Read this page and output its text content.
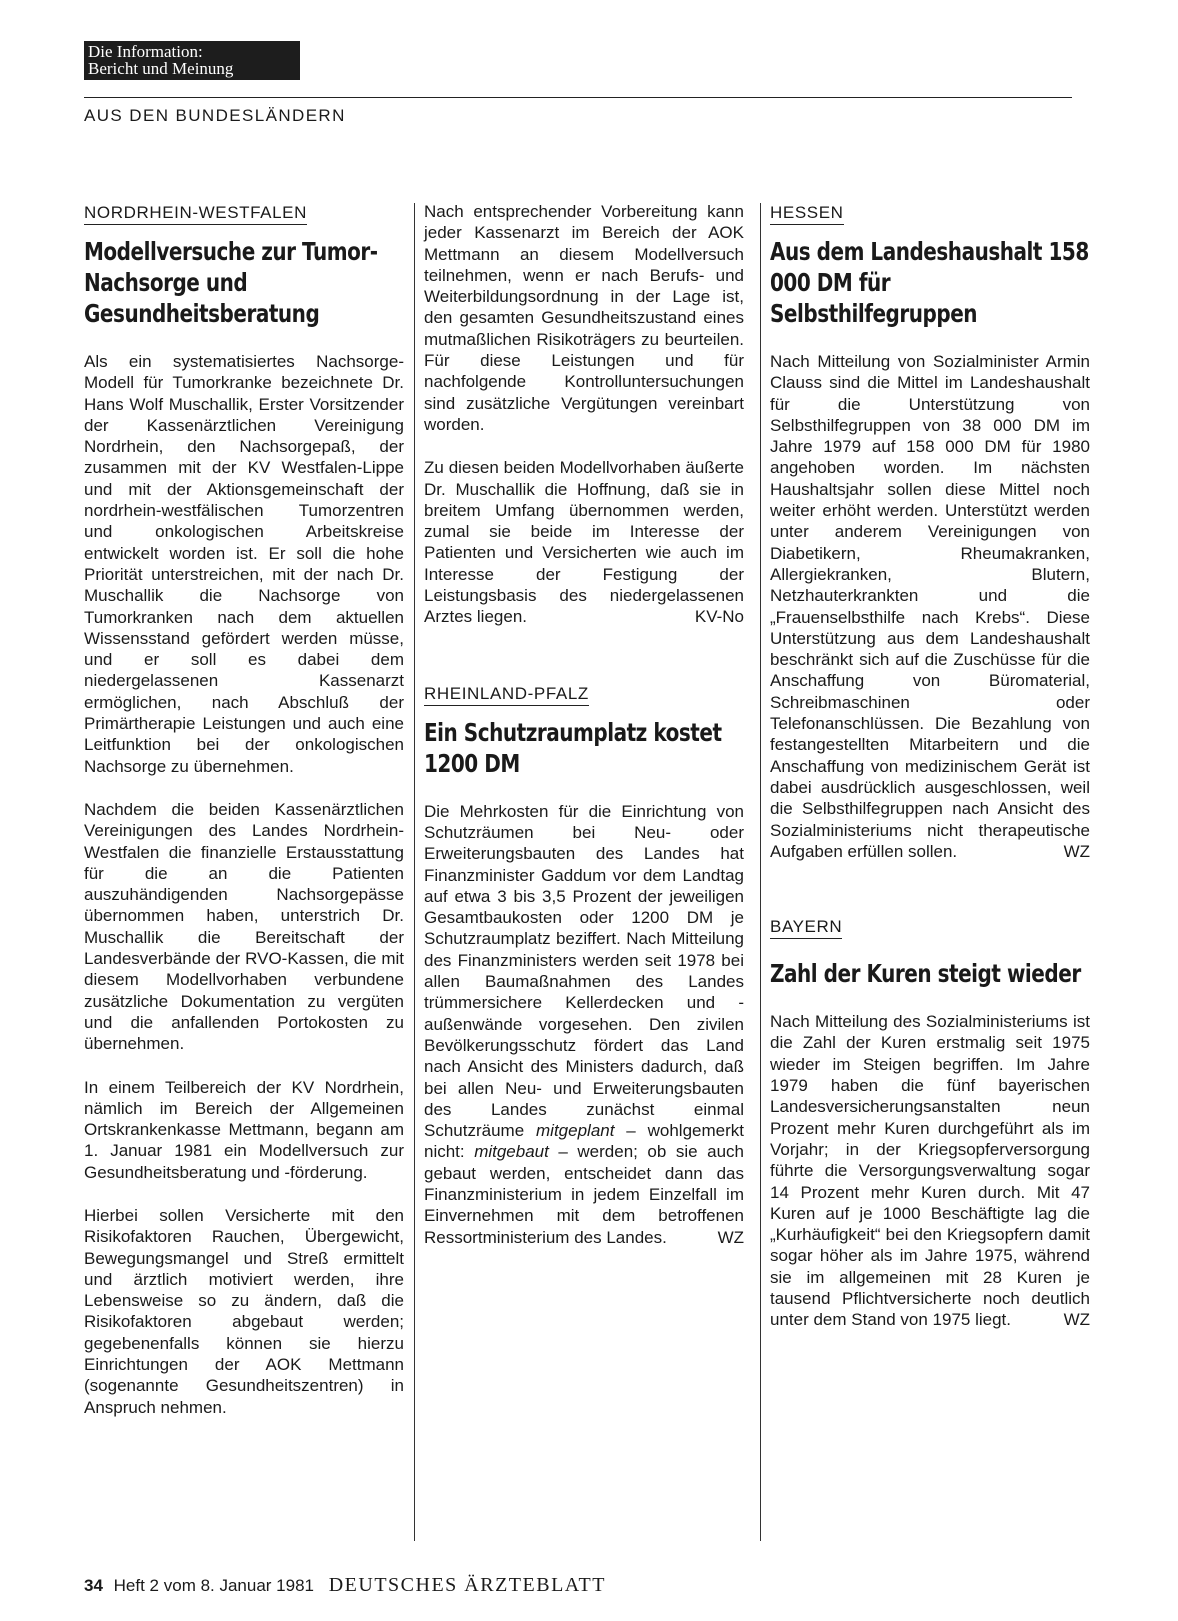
Die Information:
Bericht und Meinung
AUS DEN BUNDESLÄNDERN
NORDRHEIN-WESTFALEN
Modellversuche zur Tumor-Nachsorge und Gesundheitsberatung

Als ein systematisiertes Nachsorge-Modell für Tumorkranke bezeichnete Dr. Hans Wolf Muschallik, Erster Vorsitzender der Kassenärztlichen Vereinigung Nordrhein, den Nachsorgepaß, der zusammen mit der KV Westfalen-Lippe und mit der Aktionsgemeinschaft der nordrhein-westfälischen Tumorzentren und onkologischen Arbeitskreise entwickelt worden ist. Er soll die hohe Priorität unterstreichen, mit der nach Dr. Muschallik die Nachsorge von Tumorkranken nach dem aktuellen Wissensstand gefördert werden müsse, und er soll es dabei dem niedergelassenen Kassenarzt ermöglichen, nach Abschluß der Primärtherapie Leistungen und auch eine Leitfunktion bei der onkologischen Nachsorge zu übernehmen.

Nachdem die beiden Kassenärztlichen Vereinigungen des Landes Nordrhein-Westfalen die finanzielle Erstausstattung für die an die Patienten auszuhändigenden Nachsorgepässe übernommen haben, unterstrich Dr. Muschallik die Bereitschaft der Landesverbände der RVO-Kassen, die mit diesem Modellvorhaben verbundene zusätzliche Dokumentation zu vergüten und die anfallenden Portokosten zu übernehmen.

In einem Teilbereich der KV Nordrhein, nämlich im Bereich der Allgemeinen Ortskrankenkasse Mettmann, begann am 1. Januar 1981 ein Modellversuch zur Gesundheitsberatung und -förderung.

Hierbei sollen Versicherte mit den Risikofaktoren Rauchen, Übergewicht, Bewegungsmangel und Streß ermittelt und ärztlich motiviert werden, ihre Lebensweise so zu ändern, daß die Risikofaktoren abgebaut werden; gegebenenfalls können sie hierzu Einrichtungen der AOK Mettmann (sogenannte Gesundheitszentren) in Anspruch nehmen.

Nach entsprechender Vorbereitung kann jeder Kassenarzt im Bereich der AOK Mettmann an diesem Modellversuch teilnehmen, wenn er nach Berufs- und Weiterbildungsordnung in der Lage ist, den gesamten Gesundheitszustand eines mutmaßlichen Risikoträgers zu beurteilen. Für diese Leistungen und für nachfolgende Kontrolluntersuchungen sind zusätzliche Vergütungen vereinbart worden.

Zu diesen beiden Modellvorhaben äußerte Dr. Muschallik die Hoffnung, daß sie in breitem Umfang übernommen werden, zumal sie beide im Interesse der Patienten und Versicherten wie auch im Interesse der Festigung der Leistungsbasis des niedergelassenen Arztes liegen.	KV-No

RHEINLAND-PFALZ
Ein Schutzraumplatz kostet 1200 DM

Die Mehrkosten für die Einrichtung von Schutzräumen bei Neu- oder Erweiterungsbauten des Landes hat Finanzminister Gaddum vor dem Landtag auf etwa 3 bis 3,5 Prozent der jeweiligen Gesamtbaukosten oder 1200 DM je Schutzraumplatz beziffert. Nach Mitteilung des Finanzministers werden seit 1978 bei allen Baumaßnahmen des Landes trümmersichere Kellerdecken und -außenwände vorgesehen. Den zivilen Bevölkerungsschutz fördert das Land nach Ansicht des Ministers dadurch, daß bei allen Neu- und Erweiterungsbauten des Landes zunächst einmal Schutzräume mitgeplant – wohlgemerkt nicht: mitgebaut – werden; ob sie auch gebaut werden, entscheidet dann das Finanzministerium in jedem Einzelfall im Einvernehmen mit dem betroffenen Ressortministerium des Landes.	WZ

HESSEN
Aus dem Landeshaushalt 158 000 DM für Selbsthilfegruppen

Nach Mitteilung von Sozialminister Armin Clauss sind die Mittel im Landeshaushalt für die Unterstützung von Selbsthilfegruppen von 38 000 DM im Jahre 1979 auf 158 000 DM für 1980 angehoben worden. Im nächsten Haushaltsjahr sollen diese Mittel noch weiter erhöht werden. Unterstützt werden unter anderem Vereinigungen von Diabetikern, Rheumakranken, Allergiekranken, Blutern, Netzhauterkrankten und die „Frauenselbsthilfe nach Krebs“. Diese Unterstützung aus dem Landeshaushalt beschränkt sich auf die Zuschüsse für die Anschaffung von Büromaterial, Schreibmaschinen oder Telefonanschlüssen. Die Bezahlung von festangestellten Mitarbeitern und die Anschaffung von medizinischem Gerät ist dabei ausdrücklich ausgeschlossen, weil die Selbsthilfegruppen nach Ansicht des Sozialministeriums nicht therapeutische Aufgaben erfüllen sollen.	WZ

BAYERN
Zahl der Kuren steigt wieder

Nach Mitteilung des Sozialministeriums ist die Zahl der Kuren erstmalig seit 1975 wieder im Steigen begriffen. Im Jahre 1979 haben die fünf bayerischen Landesversicherungsanstalten neun Prozent mehr Kuren durchgeführt als im Vorjahr; in der Kriegsopferversorgung führte die Versorgungsverwaltung sogar 14 Prozent mehr Kuren durch. Mit 47 Kuren auf je 1000 Beschäftigte lag die „Kurhäufigkeit“ bei den Kriegsopfern damit sogar höher als im Jahre 1975, während sie im allgemeinen mit 28 Kuren je tausend Pflichtversicherte noch deutlich unter dem Stand von 1975 liegt.	WZ

34 Heft 2 vom 8. Januar 1981 DEUTSCHES ÄRZTEBLATT
